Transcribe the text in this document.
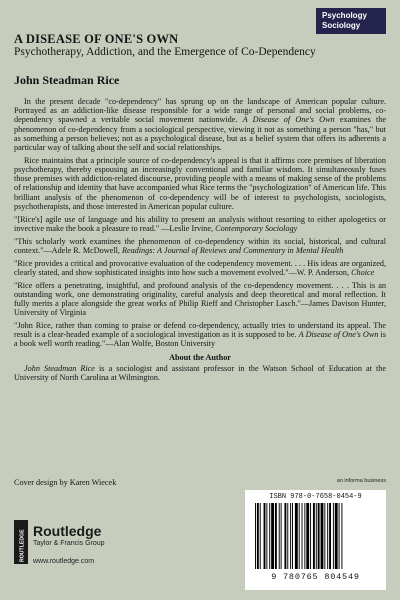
Psychology
Sociology
A DISEASE OF ONE'S OWN
Psychotherapy, Addiction, and the Emergence of Co-Dependency
John Steadman Rice

In the present decade "co-dependency" has sprung up on the landscape of American popular culture. Portrayed as an addiction-like disease responsible for a wide range of personal and social problems, co-dependency spawned a veritable social movement nationwide. A Disease of One's Own examines the phenomenon of co-dependency from a sociological perspective, viewing it not as something a person "has," but as something a person believes; not as a psychological disease, but as a belief system that offers its adherents a particular way of talking about the self and social relationships.

Rice maintains that a principle source of co-dependency's appeal is that it affirms core premises of liberation psychotherapy, thereby espousing an increasingly conventional and familiar wisdom. It simultaneously fuses those premises with addiction-related discourse, providing people with a means of making sense of the problems of relationship and identity that have accompanied what Rice terms the "psychologization" of American life. This brilliant analysis of the phenomenon of co-dependency will be of interest to psychologists, sociologists, psychotherapists, and those interested in American popular culture.

"[Rice's] agile use of language and his ability to present an analysis without resorting to either apologetics or invective make the book a pleasure to read." —Leslie Irvine, Contemporary Sociology

"This scholarly work examines the phenomenon of co-dependency within its social, historical, and cultural context."—Adele R. McDowell, Readings: A Journal of Reviews and Commentary in Mental Health

"Rice provides a critical and provocative evaluation of the codependency movement. . . . His ideas are organized, clearly stated, and show sophisticated insights into how such a movement evolved."—W. P. Anderson, Choice

"Rice offers a penetrating, insightful, and profound analysis of the co-dependency movement. . . . This is an outstanding work, one demonstrating originality, careful analysis and deep theoretical and moral reflection. It fully merits a place alongside the great works of Philip Rieff and Christopher Lasch."—James Davison Hunter, University of Virginia

"John Rice, rather than coming to praise or defend co-dependency, actually tries to understand its appeal. The result is a clear-headed example of a sociological investigation as it is supposed to be. A Disease of One's Own is a book well worth reading."—Alan Wolfe, Boston University

About the Author

John Steadman Rice is a sociologist and assistant professor in the Watson School of Education at the University of North Carolina at Wilmington.

Cover design by Karen Wiecek
ROUTLEDGE Routledge
Taylor & Francis Group
www.routledge.com
an informa business
ISBN 978-0-7658-0454-9
9 780765 804549
